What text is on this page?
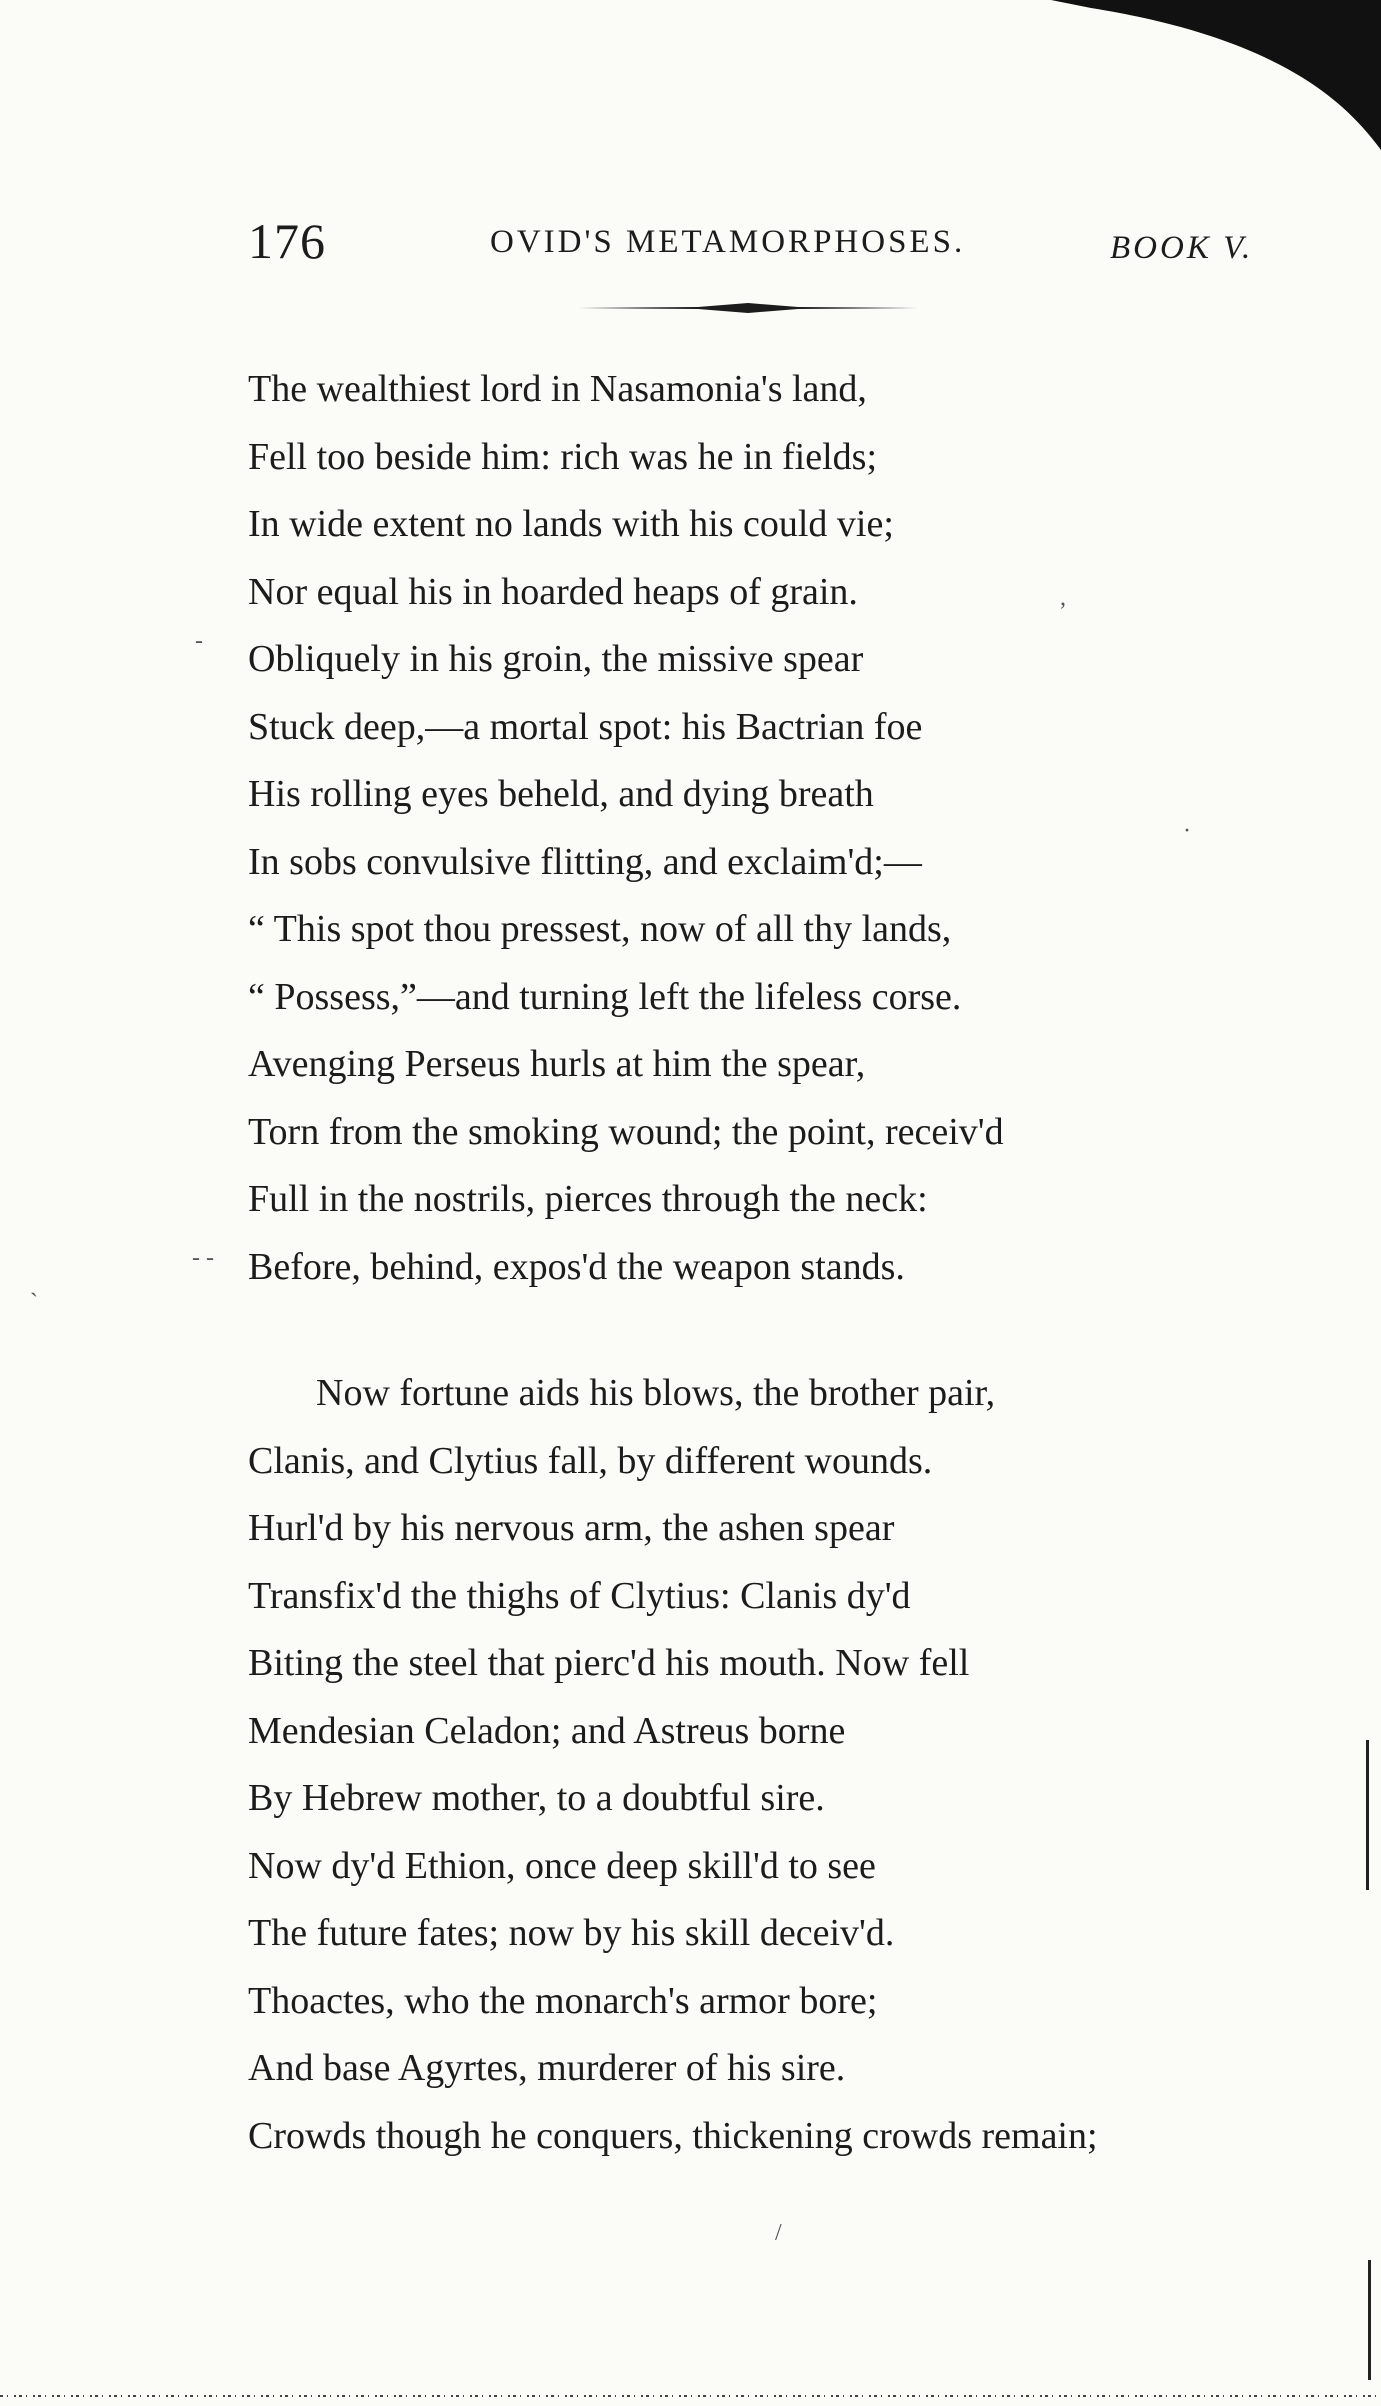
176	OVID'S METAMORPHOSES.	BOOK V.
The wealthiest lord in Nasamonia's land,
Fell too beside him: rich was he in fields;
In wide extent no lands with his could vie;
Nor equal his in hoarded heaps of grain.
Obliquely in his groin, the missive spear
Stuck deep,—a mortal spot: his Bactrian foe
His rolling eyes beheld, and dying breath
In sobs convulsive flitting, and exclaim'd;—
“ This spot thou pressest, now of all thy lands,
“ Possess,”—and turning left the lifeless corse.
Avenging Perseus hurls at him the spear,
Torn from the smoking wound; the point, receiv'd
Full in the nostrils, pierces through the neck:
Before, behind, expos'd the weapon stands.
Now fortune aids his blows, the brother pair,
Clanis, and Clytius fall, by different wounds.
Hurl'd by his nervous arm, the ashen spear
Transfix'd the thighs of Clytius: Clanis dy'd
Biting the steel that pierc'd his mouth. Now fell
Mendesian Celadon; and Astreus borne
By Hebrew mother, to a doubtful sire.
Now dy'd Ethion, once deep skill'd to see
The future fates; now by his skill deceiv'd.
Thoactes, who the monarch's armor bore;
And base Agyrtes, murderer of his sire.
Crowds though he conquers, thickening crowds remain;
-
·
- -
`
,
/
